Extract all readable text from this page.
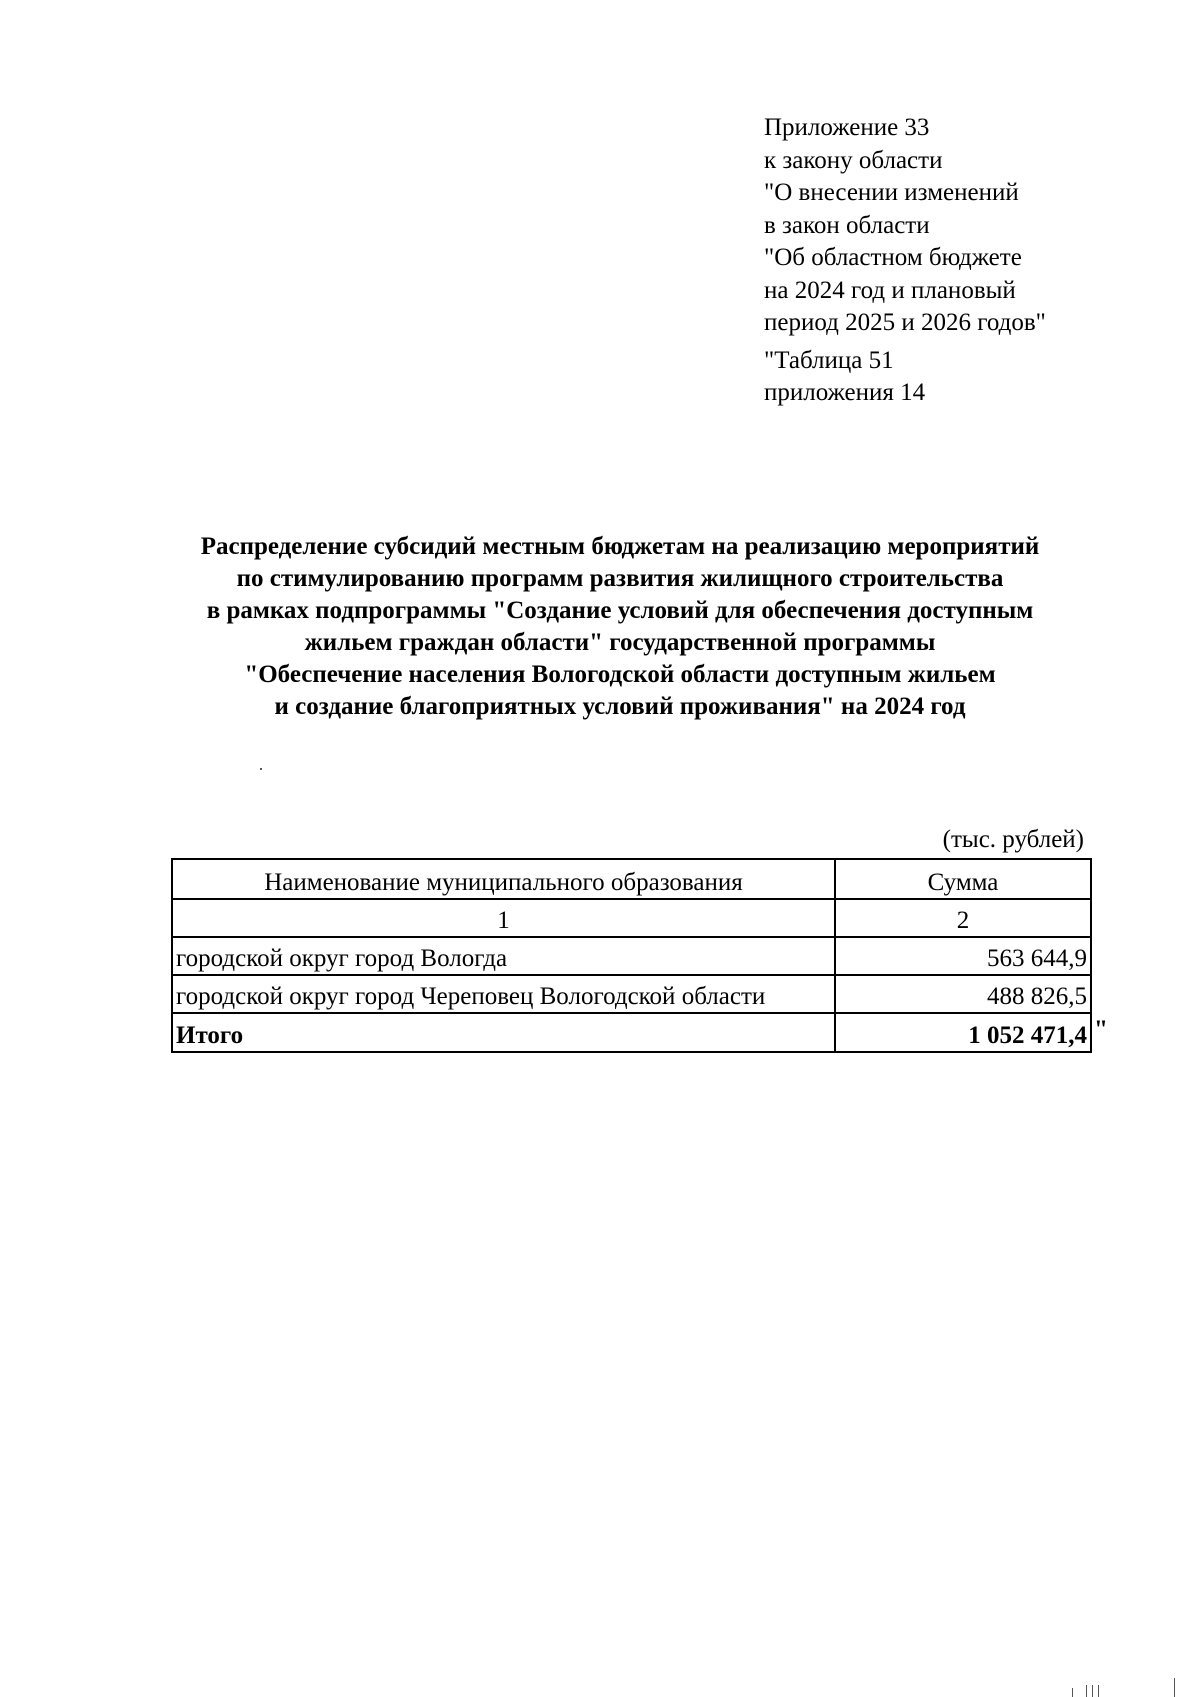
Приложение 33
к закону области
"О внесении изменений
в закон области
"Об областном бюджете
на 2024 год и плановый
период 2025 и 2026 годов"
"Таблица 51
приложения 14
Распределение субсидий местным бюджетам на реализацию мероприятий
по стимулированию программ развития жилищного строительства
в рамках подпрограммы "Создание условий для обеспечения доступным
жильем граждан области" государственной программы
"Обеспечение населения Вологодской области доступным жильем
и создание благоприятных условий проживания" на 2024 год
(тыс. рублей)
Наименование муниципального образования	Сумма
1	2
городской округ город Вологда	563 644,9
городской округ город Череповец Вологодской области	488 826,5
Итого	1 052 471,4 "
